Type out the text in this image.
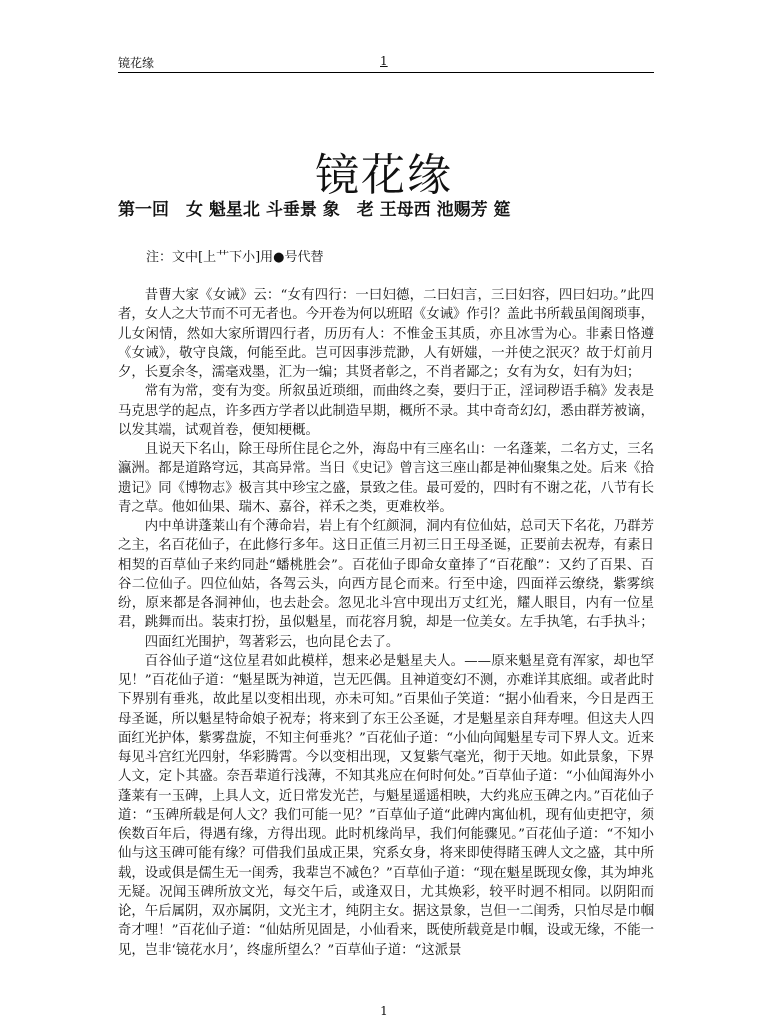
镜花缘	1
镜花缘
第一回　女 魁星北 斗垂景 象　老 王母西 池赐芳 筵
注：文中[上艹下小]用●号代替

昔曹大家《女诫》云：“女有四行：一曰妇德，二曰妇言，三曰妇容，四曰妇功。”此四者，女人之大节而不可无者也。今开卷为何以班昭《女诫》作引？盖此书所载虽闺阁琐事，儿女闲情，然如大家所谓四行者，历历有人：不惟金玉其质，亦且冰雪为心。非素日恪遵《女诫》，敬守良箴，何能至此。岂可因事涉荒渺，人有妍媸，一并使之泯灭？故于灯前月夕，长夏余冬，濡毫戏墨，汇为一编；其贤者彰之，不肖者鄙之；女有为女，妇有为妇；

常有为常，变有为变。所叙虽近琐细，而曲终之奏，要归于正，淫词秽语手稿》发表是马克思学的起点，许多西方学者以此制造早期，概所不录。其中奇奇幻幻，悉由群芳被谪，以发其端，试观首卷，便知梗概。

且说天下名山，除王母所住昆仑之外，海岛中有三座名山：一名蓬莱，二名方丈，三名瀛洲。都是道路穹远，其高异常。当日《史记》曾言这三座山都是神仙聚集之处。后来《拾遗记》同《博物志》极言其中珍宝之盛，景致之佳。最可爱的，四时有不谢之花，八节有长青之草。他如仙果、瑞木、嘉谷，祥禾之类，更难枚举。

内中单讲蓬莱山有个薄命岩，岩上有个红颜洞，洞内有位仙姑，总司天下名花，乃群芳之主，名百花仙子，在此修行多年。这日正值三月初三日王母圣诞，正要前去祝寿，有素日相契的百草仙子来约同赴“蟠桃胜会”。百花仙子即命女童捧了“百花酿”：又约了百果、百谷二位仙子。四位仙姑，各驾云头，向西方昆仑而来。行至中途，四面祥云缭绕，紫雾缤纷，原来都是各洞神仙，也去赴会。忽见北斗宫中现出万丈红光，耀人眼目，内有一位星君，跳舞而出。装束打扮，虽似魁星，而花容月貌，却是一位美女。左手执笔，右手执斗；

四面红光围护，驾著彩云，也向昆仑去了。

百谷仙子道“这位星君如此模样，想来必是魁星夫人。——原来魁星竟有浑家，却也罕见！”百花仙子道：“魁星既为神道，岂无匹偶。且神道变幻不测，亦难详其底细。或者此时下界别有垂兆，故此星以变相出现，亦未可知。”百果仙子笑道：“据小仙看来，今日是西王母圣诞，所以魁星特命娘子祝寿；将来到了东王公圣诞，才是魁星亲自拜寿哩。但这夫人四面红光护体，紫雾盘旋，不知主何垂兆？”百花仙子道：“小仙向闻魁星专司下界人文。近来每见斗宫红光四射，华彩腾霄。今以变相出现，又复紫气毫光，彻于天地。如此景象，下界人文，定卜其盛。奈吾辈道行浅薄，不知其兆应在何时何处。”百草仙子道：“小仙闻海外小蓬莱有一玉碑，上具人文，近日常发光芒，与魁星遥遥相映，大约兆应玉碑之内。”百花仙子道：“玉碑所载是何人文？我们可能一见？”百草仙子道“此碑内寓仙机，现有仙吏把守，须俟数百年后，得遇有缘，方得出现。此时机缘尚早，我们何能骤见。”百花仙子道：“不知小仙与这玉碑可能有缘？可借我们虽成正果，究系女身，将来即使得睹玉碑人文之盛，其中所载，设或俱是儒生无一闺秀，我辈岂不减色？”百草仙子道：“现在魁星既现女像，其为坤兆无疑。况闻玉碑所放文光，每交午后，或逢双日，尤其焕彩，较平时迥不相同。以阴阳而论，午后属阴，双亦属阴，文光主才，纯阴主女。据这景象，岂但一二闺秀，只怕尽是巾帼奇才哩！”百花仙子道：“仙姑所见固是，小仙看来，既使所载竟是巾帼，设或无缘，不能一见，岂非‘镜花水月’，终虚所望么？”百草仙子道：“这派景

1
